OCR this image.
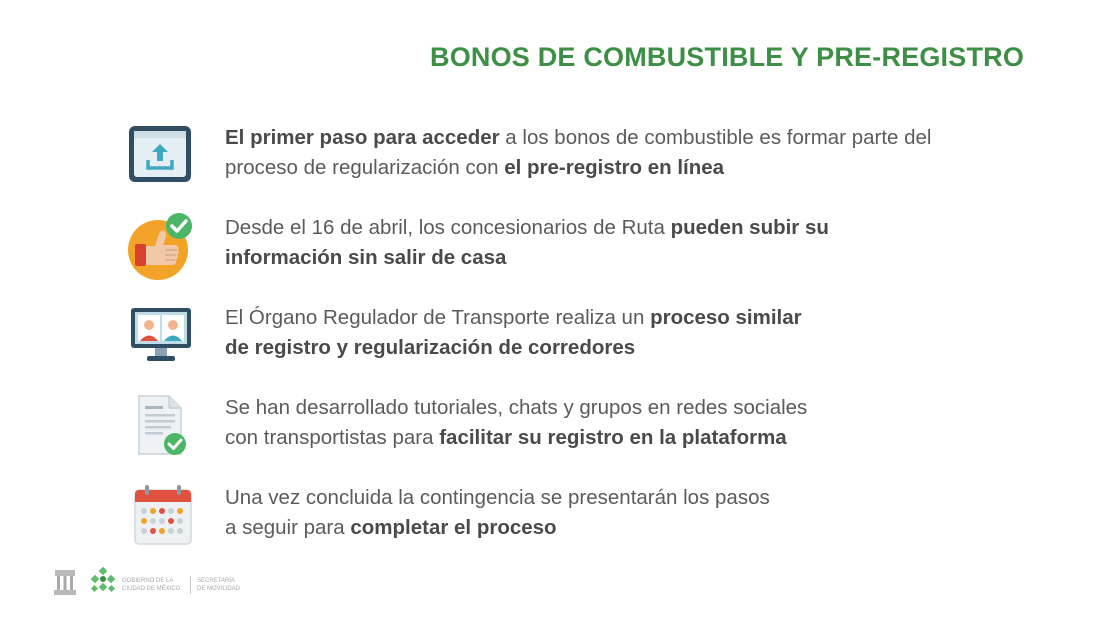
BONOS DE COMBUSTIBLE Y PRE-REGISTRO
El primer paso para acceder a los bonos de combustible es formar parte del
proceso de regularización con el pre-registro en línea
Desde el 16 de abril, los concesionarios de Ruta pueden subir su
información sin salir de casa
El Órgano Regulador de Transporte realiza un proceso similar
de registro y regularización de corredores
Se han desarrollado tutoriales, chats y grupos en redes sociales
con transportistas para facilitar su registro en la plataforma
Una vez concluida la contingencia se presentarán los pasos
a seguir para completar el proceso
GOBIERNO DE LA
CIUDAD DE MÉXICO
SECRETARÍA
DE MOVILIDAD
